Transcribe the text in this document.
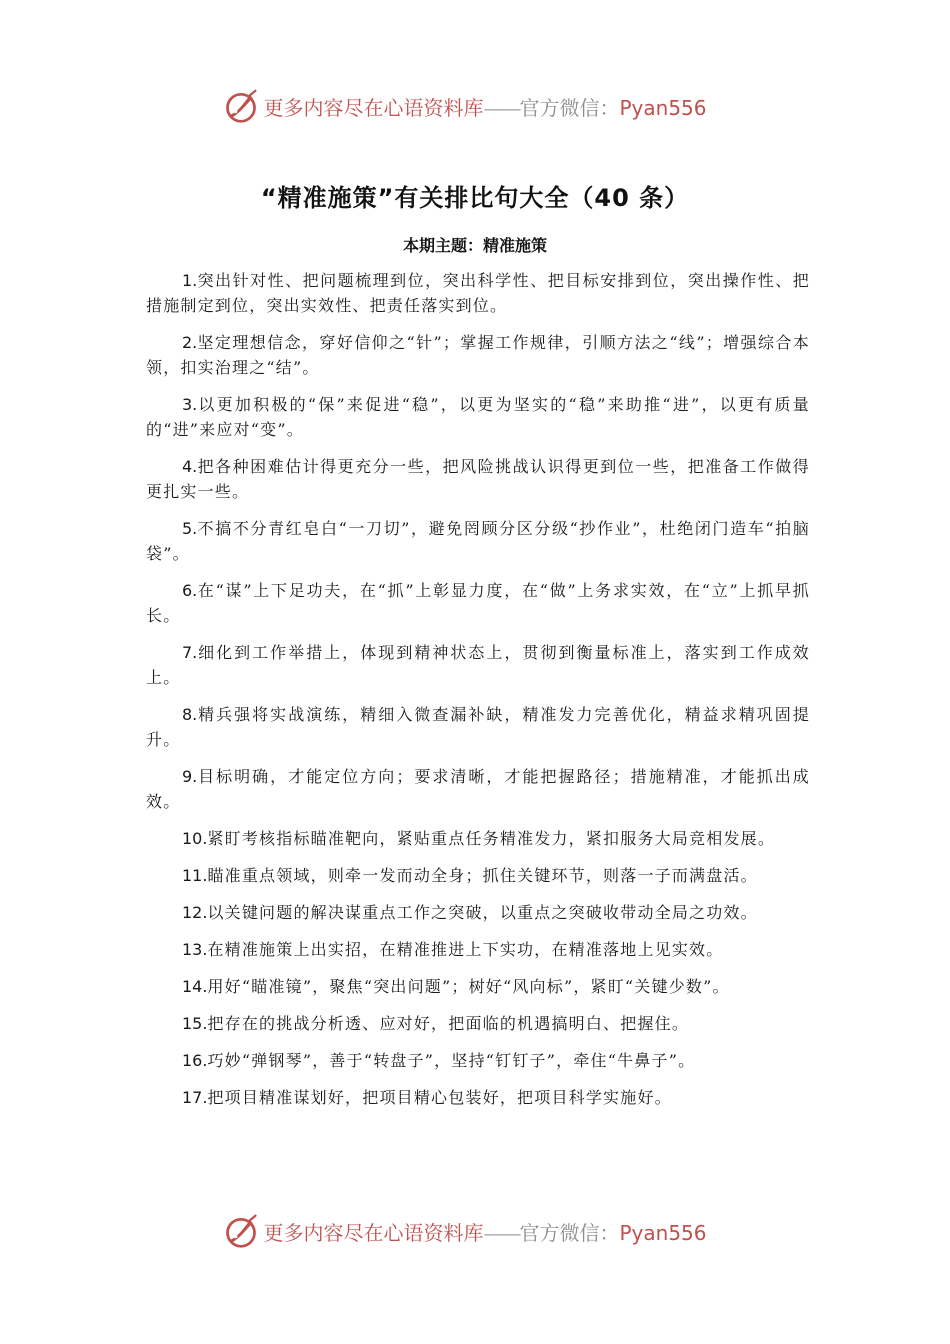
更多内容尽在心语资料库——官方微信：Pyan556
“精准施策”有关排比句大全（40 条）
本期主题：精准施策
1.突出针对性、把问题梳理到位，突出科学性、把目标安排到位，突出操作性、把措施制定到位，突出实效性、把责任落实到位。
2.坚定理想信念，穿好信仰之“针”；掌握工作规律，引顺方法之“线”；增强综合本领，扣实治理之“结”。
3.以更加积极的“保”来促进“稳”，以更为坚实的“稳”来助推“进”，以更有质量的“进”来应对“变”。
4.把各种困难估计得更充分一些，把风险挑战认识得更到位一些，把准备工作做得更扎实一些。
5.不搞不分青红皂白“一刀切”，避免罔顾分区分级“抄作业”，杜绝闭门造车“拍脑袋”。
6.在“谋”上下足功夫，在“抓”上彰显力度，在“做”上务求实效，在“立”上抓早抓长。
7.细化到工作举措上，体现到精神状态上，贯彻到衡量标准上，落实到工作成效上。
8.精兵强将实战演练，精细入微查漏补缺，精准发力完善优化，精益求精巩固提升。
9.目标明确，才能定位方向；要求清晰，才能把握路径；措施精准，才能抓出成效。
10.紧盯考核指标瞄准靶向，紧贴重点任务精准发力，紧扣服务大局竞相发展。
11.瞄准重点领域，则牵一发而动全身；抓住关键环节，则落一子而满盘活。
12.以关键问题的解决谋重点工作之突破，以重点之突破收带动全局之功效。
13.在精准施策上出实招，在精准推进上下实功，在精准落地上见实效。
14.用好“瞄准镜”，聚焦“突出问题”；树好“风向标”，紧盯“关键少数”。
15.把存在的挑战分析透、应对好，把面临的机遇搞明白、把握住。
16.巧妙“弹钢琴”，善于“转盘子”，坚持“钉钉子”，牵住“牛鼻子”。
17.把项目精准谋划好，把项目精心包装好，把项目科学实施好。
更多内容尽在心语资料库——官方微信：Pyan556
